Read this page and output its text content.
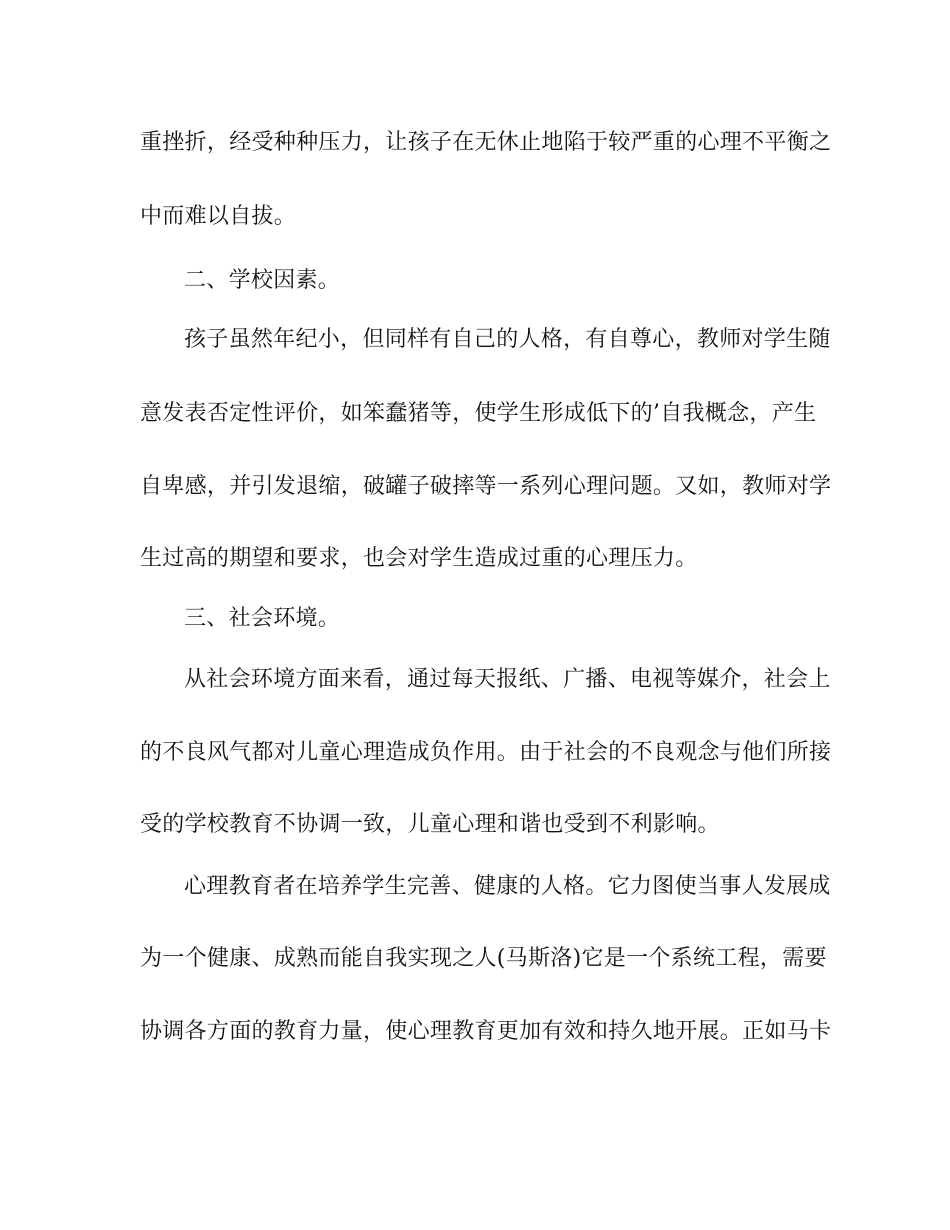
重挫折，经受种种压力，让孩子在无休止地陷于较严重的心理不平衡之
中而难以自拔。
二、学校因素。
孩子虽然年纪小，但同样有自己的人格，有自尊心，教师对学生随
意发表否定性评价，如笨蠢猪等，使学生形成低下的’自我概念，产生
自卑感，并引发退缩，破罐子破摔等一系列心理问题。又如，教师对学
生过高的期望和要求，也会对学生造成过重的心理压力。
三、社会环境。
从社会环境方面来看，通过每天报纸、广播、电视等媒介，社会上
的不良风气都对儿童心理造成负作用。由于社会的不良观念与他们所接
受的学校教育不协调一致，儿童心理和谐也受到不利影响。
心理教育者在培养学生完善、健康的人格。它力图使当事人发展成
为一个健康、成熟而能自我实现之人(马斯洛)它是一个系统工程，需要
协调各方面的教育力量，使心理教育更加有效和持久地开展。正如马卡
